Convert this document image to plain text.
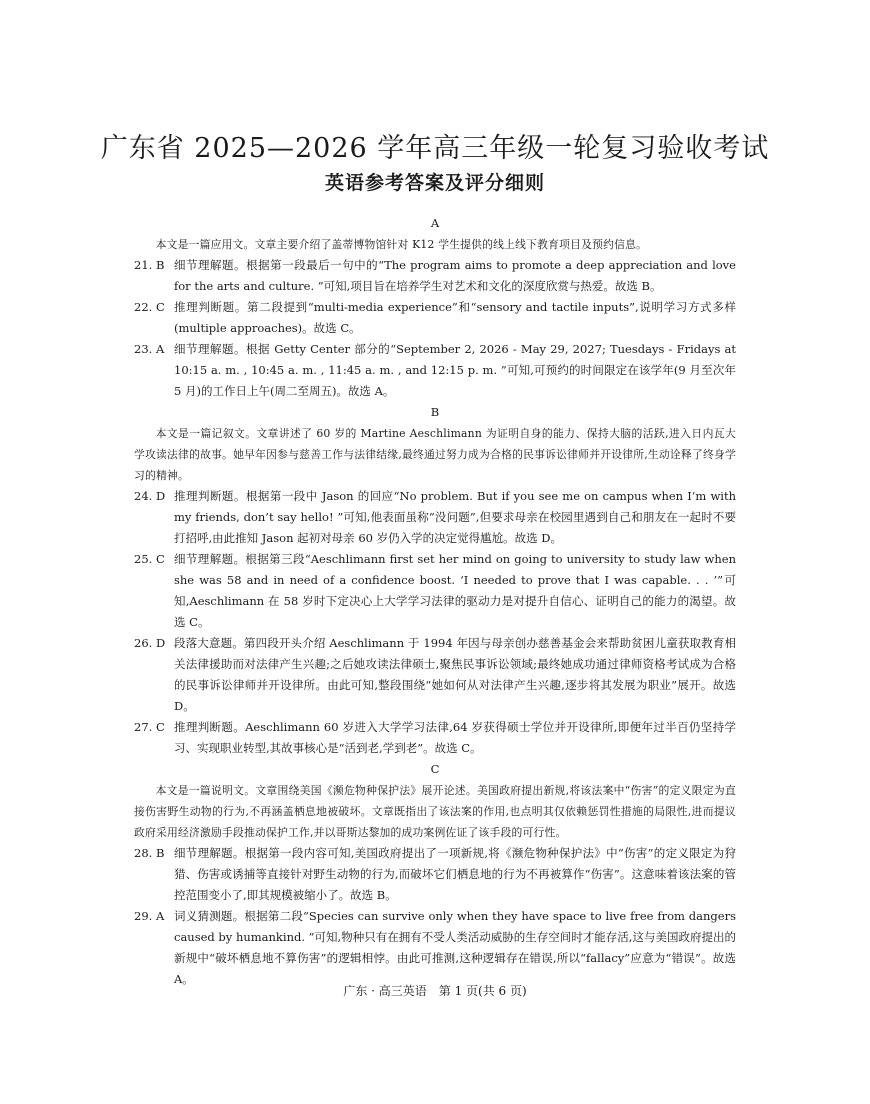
广东省 2025—2026 学年高三年级一轮复习验收考试
英语参考答案及评分细则
A
本文是一篇应用文。文章主要介绍了盖蒂博物馆针对 K12 学生提供的线上线下教育项目及预约信息。
21. B 细节理解题。根据第一段最后一句中的“The program aims to promote a deep appreciation and love for the arts and culture. ”可知,项目旨在培养学生对艺术和文化的深度欣赏与热爱。故选 B。
22. C 推理判断题。第二段提到“multi-media experience”和“sensory and tactile inputs”,说明学习方式多样(multiple approaches)。故选 C。
23. A 细节理解题。根据 Getty Center 部分的“September 2, 2026 - May 29, 2027; Tuesdays - Fridays at 10:15 a. m. , 10:45 a. m. , 11:45 a. m. , and 12:15 p. m. ”可知,可预约的时间限定在该学年(9 月至次年 5 月)的工作日上午(周二至周五)。故选 A。
B
本文是一篇记叙文。文章讲述了 60 岁的 Martine Aeschlimann 为证明自身的能力、保持大脑的活跃,进入日内瓦大学攻读法律的故事。她早年因参与慈善工作与法律结缘,最终通过努力成为合格的民事诉讼律师并开设律所,生动诠释了终身学习的精神。
24. D 推理判断题。根据第一段中 Jason 的回应“No problem. But if you see me on campus when I’m with my friends, don’t say hello! ”可知,他表面虽称“没问题”,但要求母亲在校园里遇到自己和朋友在一起时不要打招呼,由此推知 Jason 起初对母亲 60 岁仍入学的决定觉得尴尬。故选 D。
25. C 细节理解题。根据第三段“Aeschlimann first set her mind on going to university to study law when she was 58 and in need of a confidence boost. ‘I needed to prove that I was capable. . . ’”可知,Aeschlimann 在 58 岁时下定决心上大学学习法律的驱动力是对提升自信心、证明自己的能力的渴望。故选 C。
26. D 段落大意题。第四段开头介绍 Aeschlimann 于 1994 年因与母亲创办慈善基金会来帮助贫困儿童获取教育相关法律援助而对法律产生兴趣;之后她攻读法律硕士,聚焦民事诉讼领域;最终她成功通过律师资格考试成为合格的民事诉讼律师并开设律所。由此可知,整段围绕“她如何从对法律产生兴趣,逐步将其发展为职业”展开。故选 D。
27. C 推理判断题。Aeschlimann 60 岁进入大学学习法律,64 岁获得硕士学位并开设律所,即便年过半百仍坚持学习、实现职业转型,其故事核心是“活到老,学到老”。故选 C。
C
本文是一篇说明文。文章围绕美国《濒危物种保护法》展开论述。美国政府提出新规,将该法案中“伤害”的定义限定为直接伤害野生动物的行为,不再涵盖栖息地被破坏。文章既指出了该法案的作用,也点明其仅依赖惩罚性措施的局限性,进而提议政府采用经济激励手段推动保护工作,并以哥斯达黎加的成功案例佐证了该手段的可行性。
28. B 细节理解题。根据第一段内容可知,美国政府提出了一项新规,将《濒危物种保护法》中“伤害”的定义限定为狩猎、伤害或诱捕等直接针对野生动物的行为,而破坏它们栖息地的行为不再被算作“伤害”。这意味着该法案的管控范围变小了,即其规模被缩小了。故选 B。
29. A 词义猜测题。根据第二段“Species can survive only when they have space to live free from dangers caused by humankind. ”可知,物种只有在拥有不受人类活动威胁的生存空间时才能存活,这与美国政府提出的新规中“破坏栖息地不算伤害”的逻辑相悖。由此可推测,这种逻辑存在错误,所以“fallacy”应意为“错误”。故选 A。
广东 · 高三英语　第 1 页(共 6 页)
